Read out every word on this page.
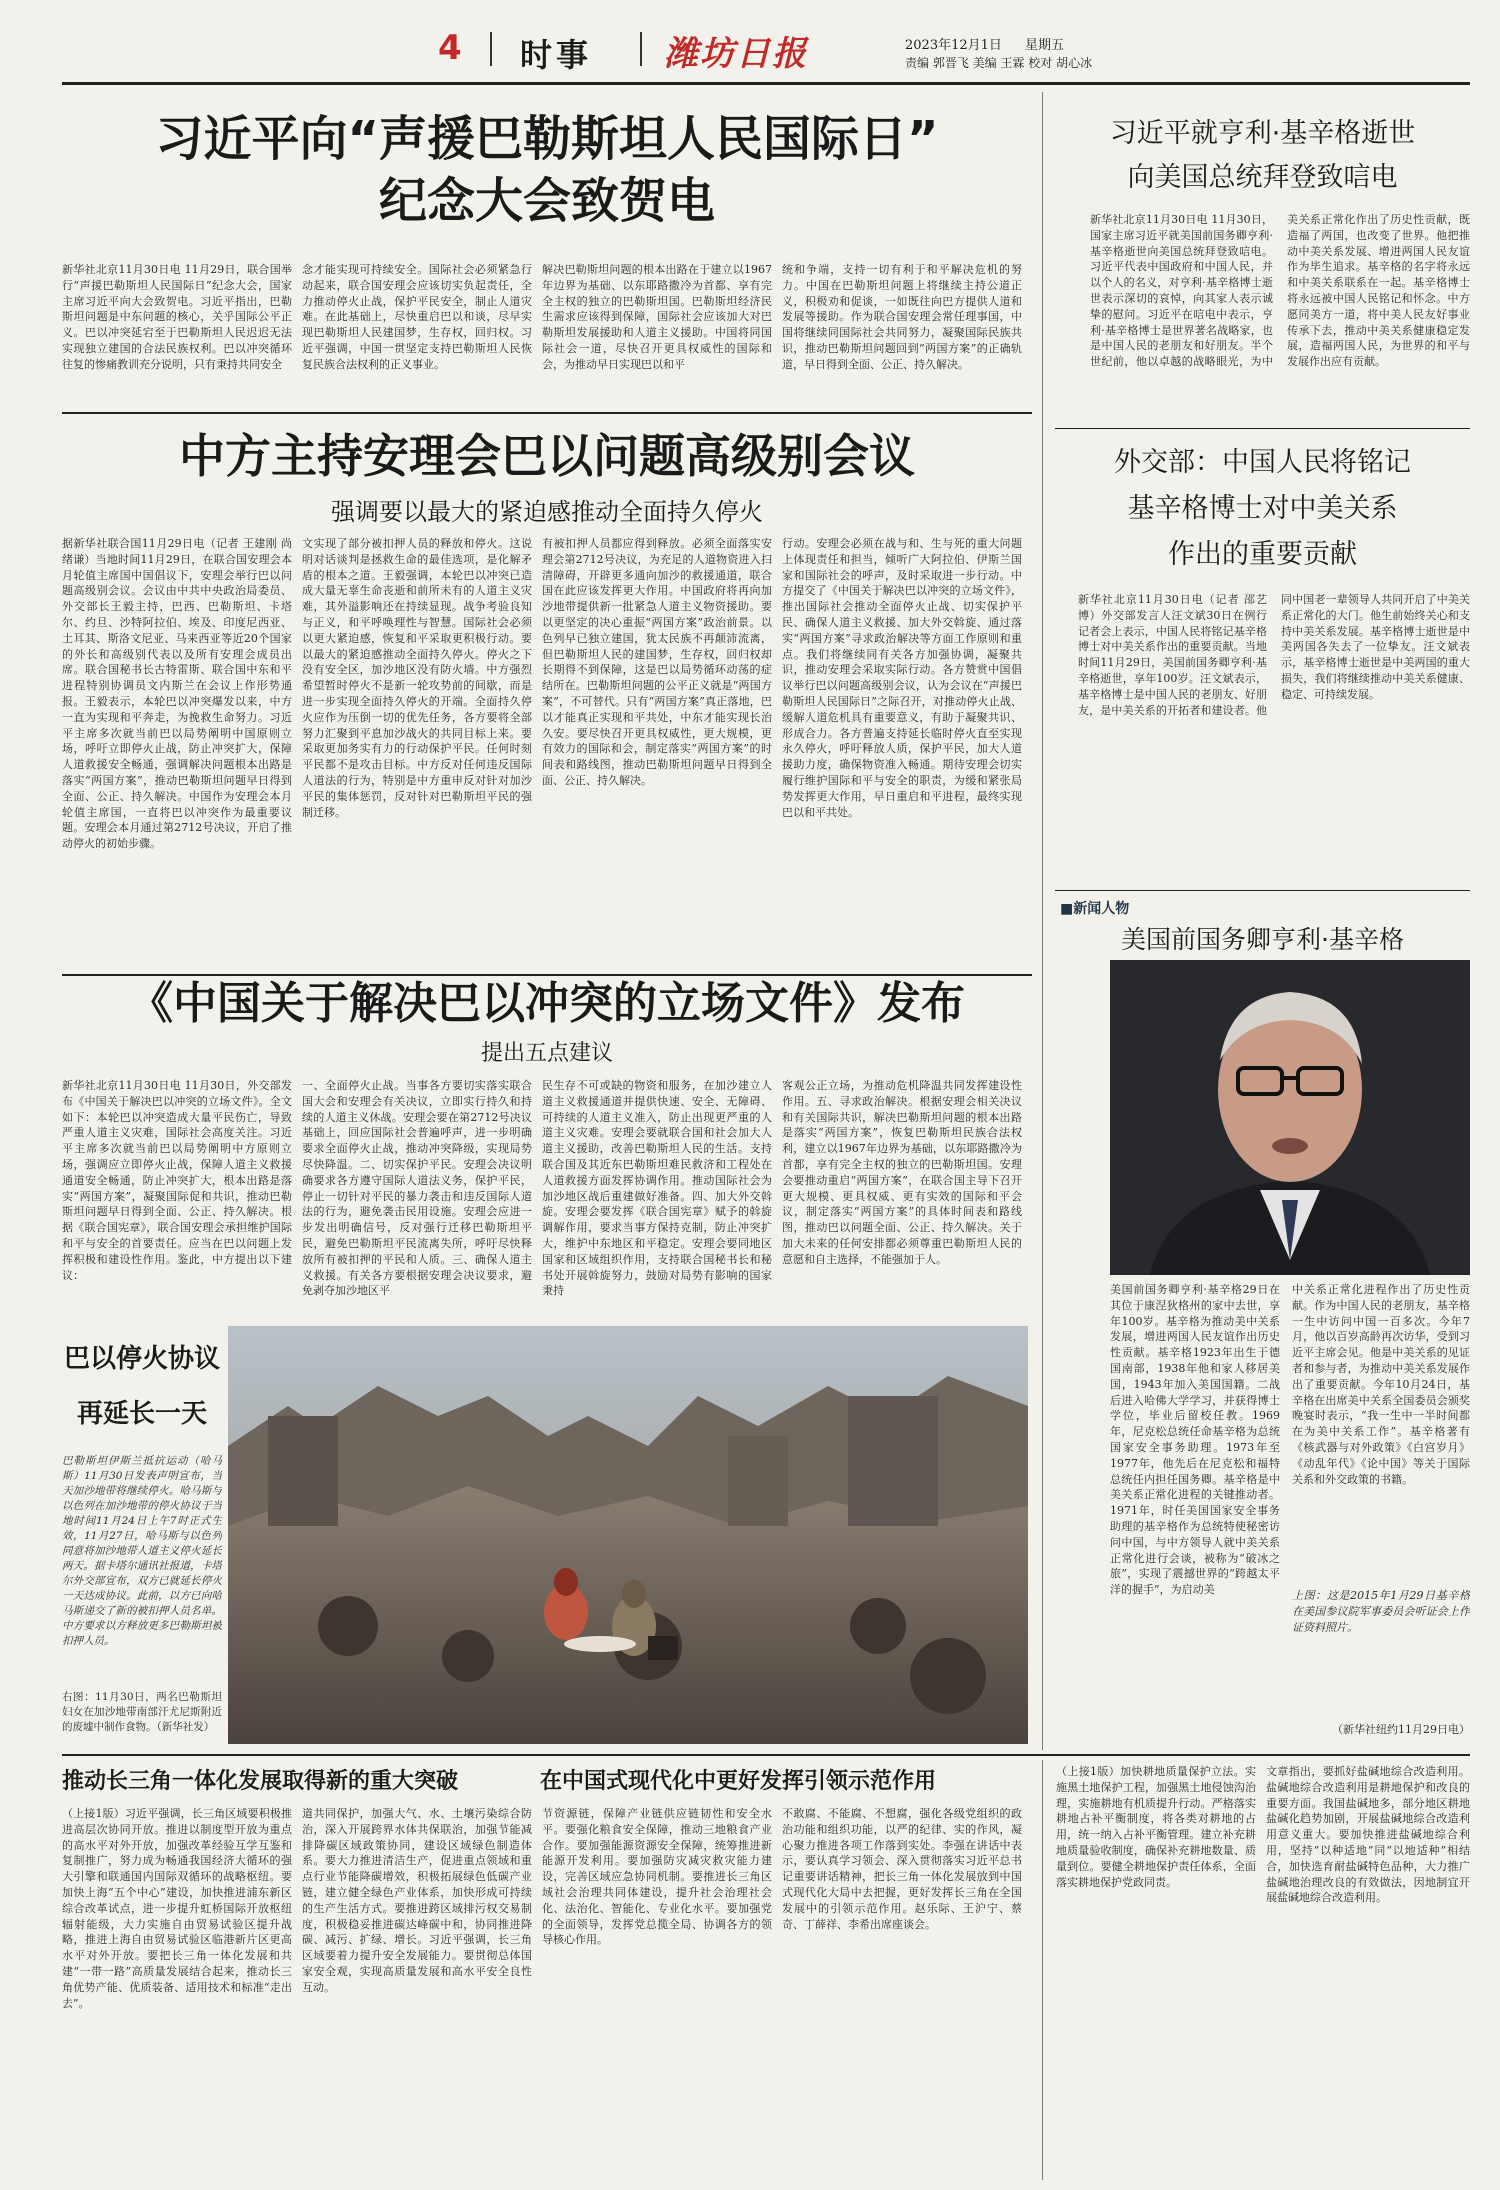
4 时事 潍坊日报	2023年12月1日 星期五
责编 郭晋飞 美编 王霖 校对 胡心冰
习近平向“声援巴勒斯坦人民国际日”
纪念大会致贺电
新华社北京11月30日电 11月29日，联合国举行“声援巴勒斯坦人民国际日”纪念大会，国家主席习近平向大会致贺电。习近平指出，巴勒斯坦问题是中东问题的核心，关乎国际公平正义。巴以冲突延宕至于巴勒斯坦人民迟迟无法实现独立建国的合法民族权利。巴以冲突循环往复的惨痛教训充分说明，只有秉持共同安全
念才能实现可持续安全。国际社会必须紧急行动起来，联合国安理会应该切实负起责任，全力推动停火止战，保护平民安全，制止人道灾难。在此基础上，尽快重启巴以和谈，尽早实现巴勒斯坦人民建国梦，生存权，回归权。习近平强调，中国一贯坚定支持巴勒斯坦人民恢复民族合法权利的正义事业。
解决巴勒斯坦问题的根本出路在于建立以1967年边界为基础、以东耶路撒冷为首都、享有完全主权的独立的巴勒斯坦国。巴勒斯坦经济民生需求应该得到保障，国际社会应该加大对巴勒斯坦发展援助和人道主义援助。中国将同国际社会一道，尽快召开更具权威性的国际和会，为推动早日实现巴以和平
统和争端，支持一切有利于和平解决危机的努力。中国在巴勒斯坦问题上将继续主持公道正义，积极劝和促谈，一如既往向巴方提供人道和发展等援助。作为联合国安理会常任理事国，中国将继续同国际社会共同努力，凝聚国际民族共识，推动巴勒斯坦问题回到“两国方案”的正确轨道，早日得到全面、公正、持久解决。
中方主持安理会巴以问题高级别会议
强调要以最大的紧迫感推动全面持久停火
据新华社联合国11月29日电（记者 王建刚 尚绪谦）当地时间11月29日，在联合国安理会本月轮值主席国中国倡议下，安理会举行巴以问题高级别会议。会议由中共中央政治局委员、外交部长王毅主持，巴西、巴勒斯坦、卡塔尔、约旦、沙特阿拉伯、埃及、印度尼西亚、土耳其、斯洛文尼亚、马来西亚等近20个国家的外长和高级别代表以及所有安理会成员出席。联合国秘书长古特雷斯、联合国中东和平进程特别协调员文内斯兰在会议上作形势通报。王毅表示，本轮巴以冲突爆发以来，中方一直为实现和平奔走，为挽救生命努力。习近平主席多次就当前巴以局势阐明中国原则立场，呼吁立即停火止战，防止冲突扩大，保障人道救援安全畅通，强调解决问题根本出路是落实“两国方案”，推动巴勒斯坦问题早日得到全面、公正、持久解决。中国作为安理会本月轮值主席国，一直将巴以冲突作为最重要议题。安理会本月通过第2712号决议，开启了推动停火的初始步骤。
文实现了部分被扣押人员的释放和停火。这说明对话谈判是拯救生命的最佳选项，是化解矛盾的根本之道。王毅强调，本轮巴以冲突已造成大量无辜生命丧逝和前所未有的人道主义灾难，其外溢影响还在持续显现。战争考验良知与正义，和平呼唤理性与智慧。国际社会必须以更大紧迫感，恢复和平采取更积极行动。要以最大的紧迫感推动全面持久停火。停火之下没有安全区，加沙地区没有防火墙。中方强烈希望暂时停火不是新一轮攻势前的间歇，而是进一步实现全面持久停火的开端。全面持久停火应作为压倒一切的优先任务，各方要将全部努力汇聚到平息加沙战火的共同目标上来。要采取更加务实有力的行动保护平民。任何时刻平民都不是攻击目标。中方反对任何违反国际人道法的行为，特别是中方重申反对针对加沙平民的集体惩罚，反对针对巴勒斯坦平民的强制迁移。
有被扣押人员都应得到释放。必须全面落实安理会第2712号决议，为充足的人道物资进入扫清障碍，开辟更多通向加沙的救援通道，联合国在此应该发挥更大作用。中国政府将再向加沙地带提供新一批紧急人道主义物资援助。要以更坚定的决心重振“两国方案”政治前景。以色列早已独立建国，犹太民族不再颠沛流离，但巴勒斯坦人民的建国梦，生存权，回归权却长期得不到保障，这是巴以局势循环动荡的症结所在。巴勒斯坦问题的公平正义就是“两国方案”，不可替代。只有“两国方案”真正落地，巴以才能真正实现和平共处，中东才能实现长治久安。要尽快召开更具权威性，更大规模，更有效力的国际和会，制定落实“两国方案”的时间表和路线图，推动巴勒斯坦问题早日得到全面、公正、持久解决。
行动。安理会必须在战与和、生与死的重大问题上体现责任和担当，倾听广大阿拉伯、伊斯兰国家和国际社会的呼声，及时采取进一步行动。中方提交了《中国关于解决巴以冲突的立场文件》，推出国际社会推动全面停火止战、切实保护平民、确保人道主义救援、加大外交斡旋、通过落实“两国方案”寻求政治解决等方面工作原则和重点。我们将继续同有关各方加强协调，凝聚共识，推动安理会采取实际行动。各方赞赏中国倡议举行巴以问题高级别会议，认为会议在“声援巴勒斯坦人民国际日”之际召开，对推动停火止战、缓解人道危机具有重要意义，有助于凝聚共识、形成合力。各方普遍支持延长临时停火直至实现永久停火，呼吁释放人质，保护平民，加大人道援助力度，确保物资准入畅通。期待安理会切实履行维护国际和平与安全的职责，为缓和紧张局势发挥更大作用，早日重启和平进程，最终实现巴以和平共处。
《中国关于解决巴以冲突的立场文件》发布
提出五点建议
新华社北京11月30日电 11月30日，外交部发布《中国关于解决巴以冲突的立场文件》。全文如下：本轮巴以冲突造成大量平民伤亡，导致严重人道主义灾难，国际社会高度关注。习近平主席多次就当前巴以局势阐明中方原则立场，强调应立即停火止战，保障人道主义救援通道安全畅通，防止冲突扩大，根本出路是落实“两国方案”，凝聚国际促和共识，推动巴勒斯坦问题早日得到全面、公正、持久解决。根据《联合国宪章》，联合国安理会承担维护国际和平与安全的首要责任。应当在巴以问题上发挥积极和建设性作用。鉴此，中方提出以下建议：
一、全面停火止战。当事各方要切实落实联合国大会和安理会有关决议，立即实行持久和持续的人道主义休战。安理会要在第2712号决议基础上，回应国际社会普遍呼声，进一步明确要求全面停火止战，推动冲突降级，实现局势尽快降温。二、切实保护平民。安理会决议明确要求各方遵守国际人道法义务，保护平民，停止一切针对平民的暴力袭击和违反国际人道法的行为，避免袭击民用设施。安理会应进一步发出明确信号，反对强行迁移巴勒斯坦平民，避免巴勒斯坦平民流离失所，呼吁尽快释放所有被扣押的平民和人质。三、确保人道主义救援。有关各方要根据安理会决议要求，避免剥夺加沙地区平
民生存不可或缺的物资和服务，在加沙建立人道主义救援通道并提供快速、安全、无障碍、可持续的人道主义准入，防止出现更严重的人道主义灾难。安理会要就联合国和社会加大人道主义援助，改善巴勒斯坦人民的生活。支持联合国及其近东巴勒斯坦难民救济和工程处在人道救援方面发挥协调作用。推动国际社会为加沙地区战后重建做好准备。四、加大外交斡旋。安理会要发挥《联合国宪章》赋予的斡旋调解作用，要求当事方保持克制，防止冲突扩大，维护中东地区和平稳定。安理会要同地区国家和区域组织作用，支持联合国秘书长和秘书处开展斡旋努力，鼓励对局势有影响的国家秉持
客观公正立场，为推动危机降温共同发挥建设性作用。五、寻求政治解决。根据安理会相关决议和有关国际共识，解决巴勒斯坦问题的根本出路是落实“两国方案”，恢复巴勒斯坦民族合法权利，建立以1967年边界为基础，以东耶路撒冷为首都，享有完全主权的独立的巴勒斯坦国。安理会要推动重启“两国方案”，在联合国主导下召开更大规模、更具权威、更有实效的国际和平会议，制定落实“两国方案”的具体时间表和路线图，推动巴以问题全面、公正、持久解决。关于加大未来的任何安排都必须尊重巴勒斯坦人民的意愿和自主选择，不能强加于人。
巴以停火协议
再延长一天
巴勒斯坦伊斯兰抵抗运动（哈马斯）11月30日发表声明宣布，当天加沙地带将继续停火。哈马斯与以色列在加沙地带的停火协议于当地时间11月24日上午7时正式生效，11月27日，哈马斯与以色列同意将加沙地带人道主义停火延长两天。据卡塔尔通讯社报道，卡塔尔外交部宣布，双方已就延长停火一天达成协议。此前，以方已向哈马斯递交了新的被扣押人员名单。中方要求以方释放更多巴勒斯坦被扣押人员。
右图：11月30日，两名巴勒斯坦妇女在加沙地带南部汗尤尼斯附近的废墟中制作食物。（新华社发）
习近平就亨利·基辛格逝世
向美国总统拜登致唁电
新华社北京11月30日电 11月30日，国家主席习近平就美国前国务卿亨利·基辛格逝世向美国总统拜登致唁电。习近平代表中国政府和中国人民，并以个人的名义，对亨利·基辛格博士逝世表示深切的哀悼，向其家人表示诚挚的慰问。习近平在唁电中表示，亨利·基辛格博士是世界著名战略家，也是中国人民的老朋友和好朋友。半个世纪前，他以卓越的战略眼光，为中美关系正常化作出了历史性贡献，既造福了两国，也改变了世界。他把推动中美关系发展、增进两国人民友谊作为毕生追求。基辛格的名字将永远和中美关系联系在一起。基辛格博士将永远被中国人民铭记和怀念。中方愿同美方一道，将中美人民友好事业传承下去，推动中美关系健康稳定发展，造福两国人民，为世界的和平与发展作出应有贡献。
外交部：中国人民将铭记
基辛格博士对中美关系
作出的重要贡献
新华社北京11月30日电（记者 邵艺博）外交部发言人汪文斌30日在例行记者会上表示，中国人民将铭记基辛格博士对中美关系作出的重要贡献。当地时间11月29日，美国前国务卿亨利·基辛格逝世，享年100岁。汪文斌表示，基辛格博士是中国人民的老朋友、好朋友，是中美关系的开拓者和建设者。他同中国老一辈领导人共同开启了中美关系正常化的大门。他生前始终关心和支持中美关系发展。基辛格博士逝世是中美两国各失去了一位挚友。汪文斌表示，基辛格博士逝世是中美两国的重大损失，我们将继续推动中美关系健康、稳定、可持续发展。
■新闻人物
美国前国务卿亨利·基辛格
美国前国务卿亨利·基辛格29日在其位于康涅狄格州的家中去世，享年100岁。基辛格为推动美中关系发展，增进两国人民友谊作出历史性贡献。基辛格1923年出生于德国南部，1938年他和家人移居美国，1943年加入美国国籍。二战后进入哈佛大学学习，并获得博士学位，毕业后留校任教。1969年，尼克松总统任命基辛格为总统国家安全事务助理。1973年至1977年，他先后在尼克松和福特总统任内担任国务卿。基辛格是中美关系正常化进程的关键推动者。1971年，时任美国国家安全事务助理的基辛格作为总统特使秘密访问中国，与中方领导人就中美关系正常化进行会谈，被称为“破冰之旅”，实现了震撼世界的“跨越太平洋的握手”，为启动美
中关系正常化进程作出了历史性贡献。作为中国人民的老朋友，基辛格一生中访问中国一百多次。今年7月，他以百岁高龄再次访华，受到习近平主席会见。他是中美关系的见证者和参与者，为推动中美关系发展作出了重要贡献。今年10月24日，基辛格在出席美中关系全国委员会颁奖晚宴时表示，“我一生中一半时间都在为美中关系工作”。基辛格著有《核武器与对外政策》《白宫岁月》《动乱年代》《论中国》等关于国际关系和外交政策的书籍。
上图：这是2015年1月29日基辛格在美国参议院军事委员会听证会上作证资料照片。
（新华社纽约11月29日电）
推动长三角一体化发展取得新的重大突破	在中国式现代化中更好发挥引领示范作用
（上接1版）习近平强调，长三角区域要积极推进高层次协同开放。推进以制度型开放为重点的高水平对外开放，加强改革经验互学互鉴和复制推广，努力成为畅通我国经济大循环的强大引擎和联通国内国际双循环的战略枢纽。要加快上海“五个中心”建设，加快推进浦东新区综合改革试点，进一步提升虹桥国际开放枢纽辐射能级，大力实施自由贸易试验区提升战略，推进上海自由贸易试验区临港新片区更高水平对外开放。要把长三角一体化发展和共建“一带一路”高质量发展结合起来，推动长三角优势产能、优质装备、适用技术和标准“走出去”。
道共同保护，加强大气、水、土壤污染综合防治，深入开展跨界水体共保联治，加强节能减排降碳区域政策协同，建设区域绿色制造体系。要大力推进清洁生产，促进重点领域和重点行业节能降碳增效，积极拓展绿色低碳产业链，建立健全绿色产业体系，加快形成可持续的生产生活方式。要推进跨区域排污权交易制度，积极稳妥推进碳达峰碳中和，协同推进降碳、减污、扩绿、增长。习近平强调，长三角区域要着力提升安全发展能力。要贯彻总体国家安全观，实现高质量发展和高水平安全良性互动。
节资源链，保障产业链供应链韧性和安全水平。要强化粮食安全保障，推动三地粮食产业合作。要加强能源资源安全保障，统筹推进新能源开发利用。要加强防灾减灾救灾能力建设，完善区域应急协同机制。要推进长三角区域社会治理共同体建设，提升社会治理社会化、法治化、智能化、专业化水平。要加强党的全面领导，发挥党总揽全局、协调各方的领导核心作用。
不敢腐、不能腐、不想腐，强化各级党组织的政治功能和组织功能，以严的纪律、实的作风，凝心聚力推进各项工作落到实处。李强在讲话中表示，要认真学习领会、深入贯彻落实习近平总书记重要讲话精神，把长三角一体化发展放到中国式现代化大局中去把握，更好发挥长三角在全国发展中的引领示范作用。赵乐际、王沪宁、蔡奇、丁薛祥、李希出席座谈会。
（上接1版）加快耕地质量保护立法。实施黑土地保护工程，加强黑土地侵蚀沟治理，实施耕地有机质提升行动。严格落实耕地占补平衡制度，将各类对耕地的占用，统一纳入占补平衡管理。建立补充耕地质量验收制度，确保补充耕地数量、质量到位。要健全耕地保护责任体系，全面落实耕地保护党政同责。
文章指出，要抓好盐碱地综合改造利用。盐碱地综合改造利用是耕地保护和改良的重要方面。我国盐碱地多，部分地区耕地盐碱化趋势加剧，开展盐碱地综合改造利用意义重大。要加快推进盐碱地综合利用，坚持“以种适地”同“以地适种”相结合，加快选育耐盐碱特色品种，大力推广盐碱地治理改良的有效做法，因地制宜开展盐碱地综合改造利用。
